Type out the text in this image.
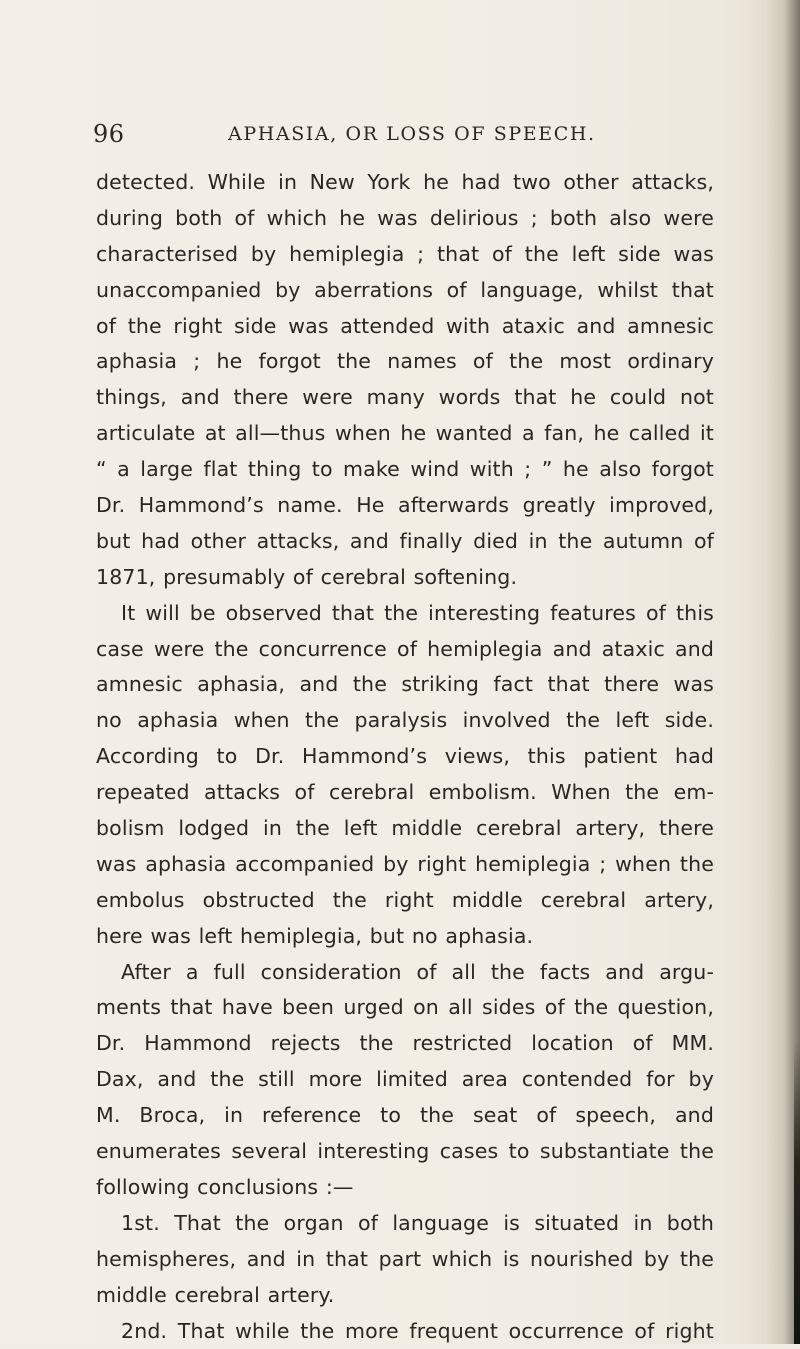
96	APHASIA, OR LOSS OF SPEECH.
detected. While in New York he had two other attacks,
during both of which he was delirious ; both also were
characterised by hemiplegia ; that of the left side was
unaccompanied by aberrations of language, whilst that
of the right side was attended with ataxic and amnesic
aphasia ; he forgot the names of the most ordinary
things, and there were many words that he could not
articulate at all—thus when he wanted a fan, he called it
“ a large flat thing to make wind with ; ” he also forgot
Dr. Hammond’s name. He afterwards greatly improved,
but had other attacks, and finally died in the autumn of
1871, presumably of cerebral softening.
It will be observed that the interesting features of this
case were the concurrence of hemiplegia and ataxic and
amnesic aphasia, and the striking fact that there was
no aphasia when the paralysis involved the left side.
According to Dr. Hammond’s views, this patient had
repeated attacks of cerebral embolism. When the em-
bolism lodged in the left middle cerebral artery, there
was aphasia accompanied by right hemiplegia ; when the
embolus obstructed the right middle cerebral artery,
here was left hemiplegia, but no aphasia.
After a full consideration of all the facts and argu-
ments that have been urged on all sides of the question,
Dr. Hammond rejects the restricted location of MM.
Dax, and the still more limited area contended for by
M. Broca, in reference to the seat of speech, and
enumerates several interesting cases to substantiate the
following conclusions :—
1st. That the organ of language is situated in both
hemispheres, and in that part which is nourished by the
middle cerebral artery.
2nd. That while the more frequent occurrence of right
